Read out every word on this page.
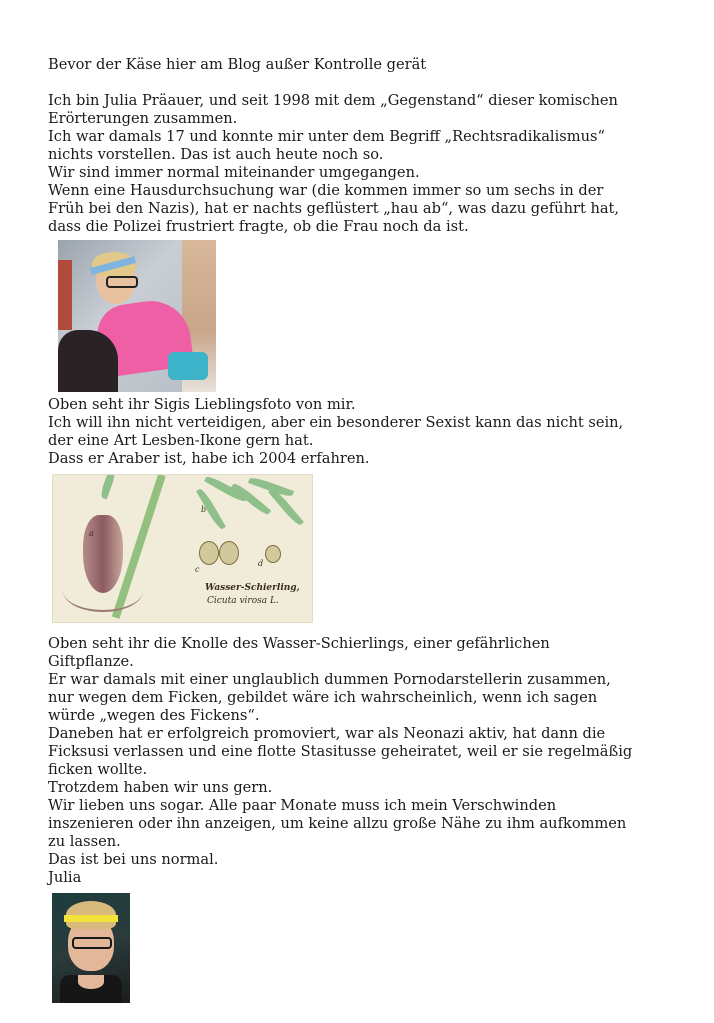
Bevor der Käse hier am Blog außer Kontrolle gerät
Ich bin Julia Präauer, und seit 1998 mit dem „Gegenstand“ dieser komischen
Erörterungen zusammen.
Ich war damals 17 und konnte mir unter dem Begriff „Rechtsradikalismus“
nichts vorstellen. Das ist auch heute noch so.
Wir sind immer normal miteinander umgegangen.
Wenn eine Hausdurchsuchung war (die kommen immer so um sechs in der
Früh bei den Nazis), hat er nachts geflüstert „hau ab“, was dazu geführt hat,
dass die Polizei frustriert fragte, ob die Frau noch da ist.
Oben seht ihr Sigis Lieblingsfoto von mir.
Ich will ihn nicht verteidigen, aber ein besonderer Sexist kann das nicht sein,
der eine Art Lesben-Ikone gern hat.
Dass er Araber ist, habe ich 2004 erfahren.
a
b
c
d
Wasser-Schierling,
Cicuta virosa L.
Oben seht ihr die Knolle des Wasser-Schierlings, einer gefährlichen
Giftpflanze.
Er war damals mit einer unglaublich dummen Pornodarstellerin zusammen,
nur wegen dem Ficken, gebildet wäre ich wahrscheinlich, wenn ich sagen
würde „wegen des Fickens“.
Daneben hat er erfolgreich promoviert, war als Neonazi aktiv, hat dann die
Ficksusi verlassen und eine flotte Stasitusse geheiratet, weil er sie regelmäßig
ficken wollte.
Trotzdem haben wir uns gern.
Wir lieben uns sogar. Alle paar Monate muss ich mein Verschwinden
inszenieren oder ihn anzeigen, um keine allzu große Nähe zu ihm aufkommen
zu lassen.
Das ist bei uns normal.
Julia
